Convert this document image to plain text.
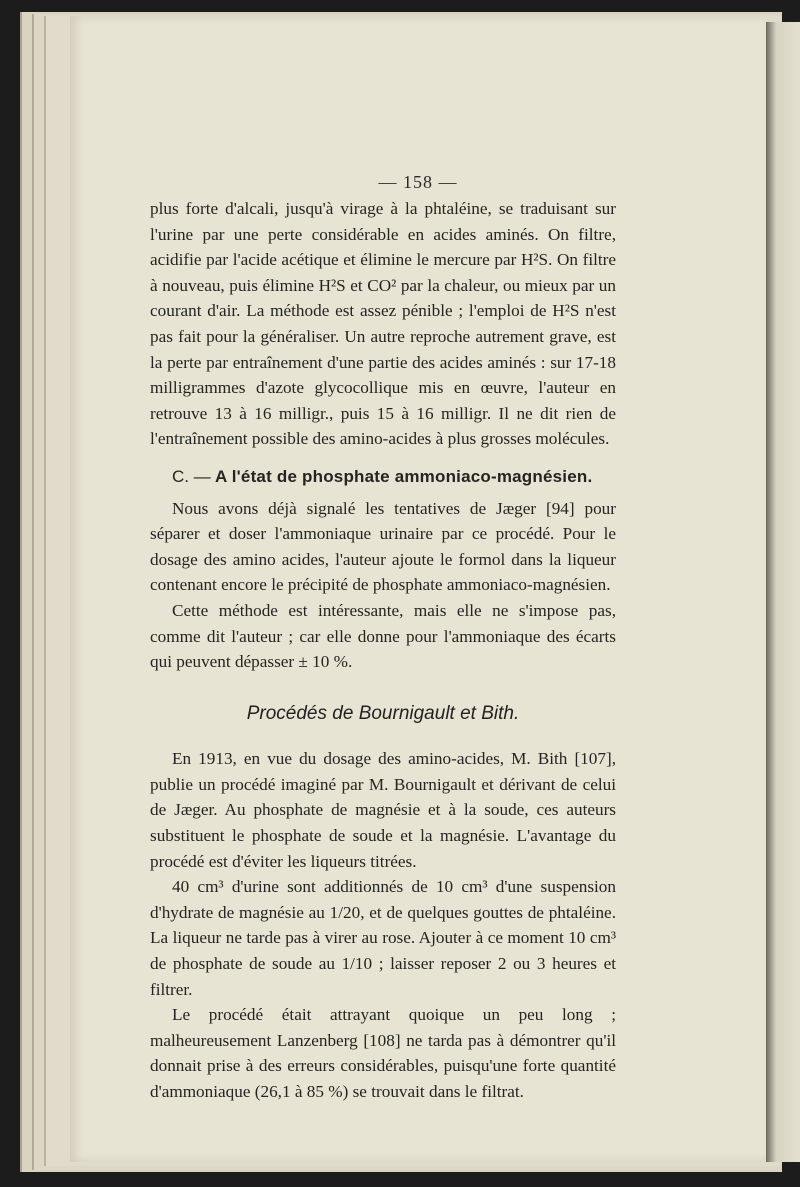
— 158 —

plus forte d'alcali, jusqu'à virage à la phtaléine, se traduisant sur l'urine par une perte considérable en acides aminés. On filtre, acidifie par l'acide acétique et élimine le mercure par H²S. On filtre à nouveau, puis élimine H²S et CO² par la chaleur, ou mieux par un courant d'air. La méthode est assez pénible ; l'emploi de H²S n'est pas fait pour la généraliser. Un autre reproche autrement grave, est la perte par entraînement d'une partie des acides aminés : sur 17-18 milligrammes d'azote glycocollique mis en œuvre, l'auteur en retrouve 13 à 16 milligr., puis 15 à 16 milligr. Il ne dit rien de l'entraînement possible des amino-acides à plus grosses molécules.

C. — A l'état de phosphate ammoniaco-magnésien.

Nous avons déjà signalé les tentatives de Jæger [94] pour séparer et doser l'ammoniaque urinaire par ce procédé. Pour le dosage des amino acides, l'auteur ajoute le formol dans la liqueur contenant encore le précipité de phosphate ammoniaco-magnésien.

Cette méthode est intéressante, mais elle ne s'impose pas, comme dit l'auteur ; car elle donne pour l'ammoniaque des écarts qui peuvent dépasser ± 10 %.

Procédés de Bournigault et Bith.

En 1913, en vue du dosage des amino-acides, M. Bith [107], publie un procédé imaginé par M. Bournigault et dérivant de celui de Jæger. Au phosphate de magnésie et à la soude, ces auteurs substituent le phosphate de soude et la magnésie. L'avantage du procédé est d'éviter les liqueurs titrées.

40 cm³ d'urine sont additionnés de 10 cm³ d'une suspension d'hydrate de magnésie au 1/20, et de quelques gouttes de phtaléine. La liqueur ne tarde pas à virer au rose. Ajouter à ce moment 10 cm³ de phosphate de soude au 1/10 ; laisser reposer 2 ou 3 heures et filtrer.

Le procédé était attrayant quoique un peu long ; malheureusement Lanzenberg [108] ne tarda pas à démontrer qu'il donnait prise à des erreurs considérables, puisqu'une forte quantité d'ammoniaque (26,1 à 85 %) se trouvait dans le filtrat.
